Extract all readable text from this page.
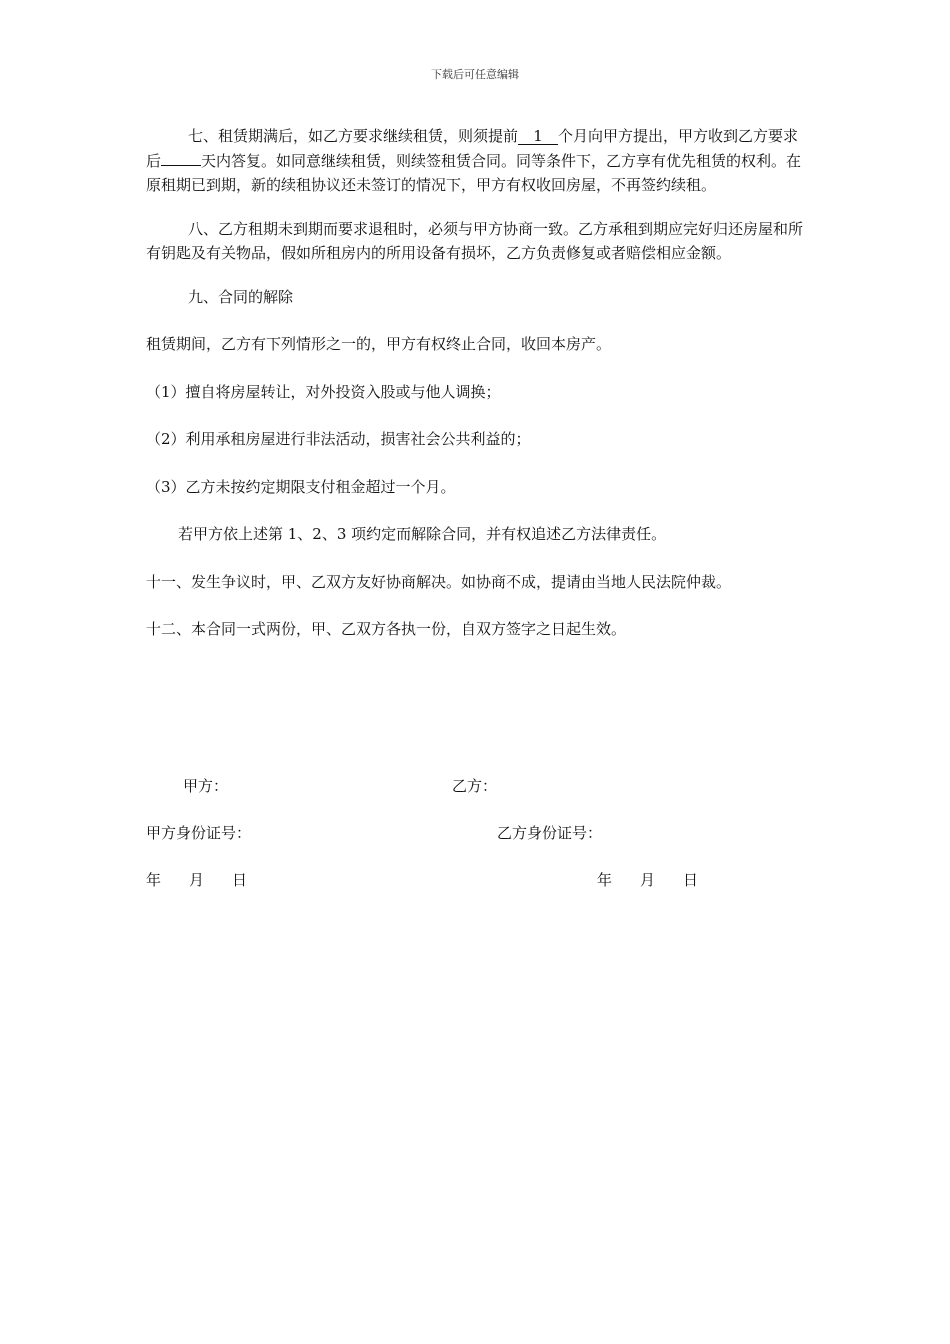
下载后可任意编辑

七、租赁期满后，如乙方要求继续租赁，则须提前 1 个月向甲方提出，甲方收到乙方要求后	天内答复。如同意继续租赁，则续签租赁合同。同等条件下，乙方享有优先租赁的权利。在原租期已到期，新的续租协议还未签订的情况下，甲方有权收回房屋，不再签约续租。

八、乙方租期未到期而要求退租时，必须与甲方协商一致。乙方承租到期应完好归还房屋和所有钥匙及有关物品，假如所租房内的所用设备有损坏，乙方负责修复或者赔偿相应金额。

九、合同的解除

租赁期间，乙方有下列情形之一的，甲方有权终止合同，收回本房产。

（1）擅自将房屋转让，对外投资入股或与他人调换；

（2）利用承租房屋进行非法活动，损害社会公共利益的；

（3）乙方未按约定期限支付租金超过一个月。

若甲方依上述第 1、2、3 项约定而解除合同，并有权追述乙方法律责任。

十一、发生争议时，甲、乙双方友好协商解决。如协商不成，提请由当地人民法院仲裁。

十二、本合同一式两份，甲、乙双方各执一份，自双方签字之日起生效。

甲方：	乙方：
甲方身份证号：	乙方身份证号：
年 月 日	年 月 日
